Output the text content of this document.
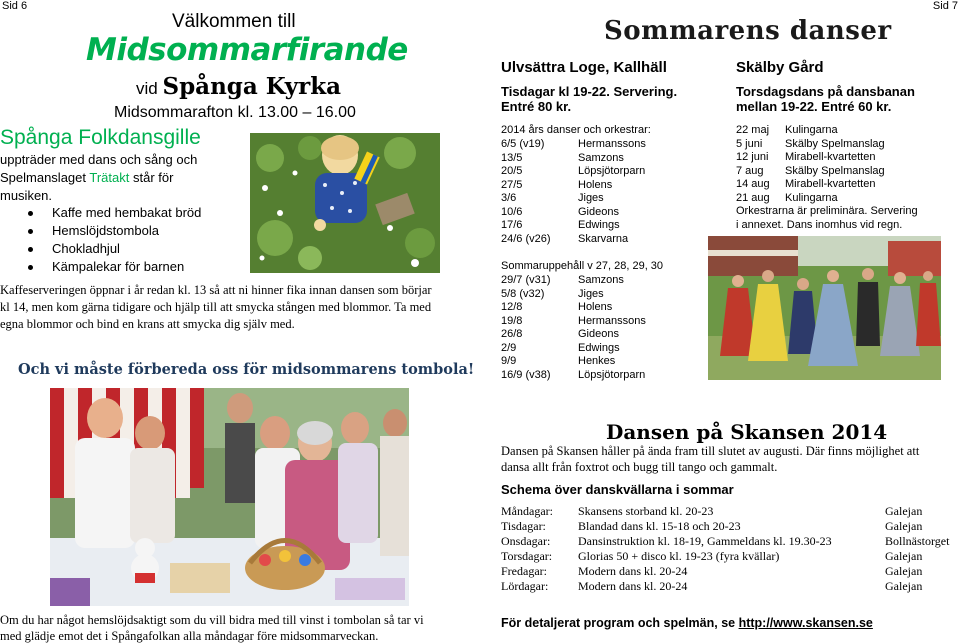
Sid 6
Välkommen till
Midsommarfirande
vid Spånga Kyrka
Midsommarafton kl. 13.00 – 16.00
Spånga Folkdansgille
uppträder med dans och sång och
Spelmanslaget Trätakt står för
musiken.
Kaffe med hembakat bröd
Hemslöjdstombola
Chokladhjul
Kämpalekar för barnen
Kaffeserveringen öppnar i år redan kl. 13 så att ni hinner fika innan dansen som börjar
kl 14, men kom gärna tidigare och hjälp till att smycka stången med blommor. Ta med
egna blommor och bind en krans att smycka dig själv med.
Och vi måste förbereda oss för midsommarens tombola!
Om du har något hemslöjdsaktigt som du vill bidra med till vinst i tombolan så tar vi
med glädje emot det i Spångafolkan alla måndagar före midsommarveckan.
Sid 7
Sommarens danser
Ulvsättra Loge, Kallhäll
Tisdagar kl 19-22. Servering.
Entré 80 kr.
2014 års danser och orkestrar:
6/5 (v19)	Hermanssons
13/5	Samzons
20/5	Löpsjötorparn
27/5	Holens
3/6	Jiges
10/6	Gideons
17/6	Edwings
24/6 (v26) Skarvarna
Sommaruppehåll v 27, 28, 29, 30
29/7 (v31) Samzons
5/8 (v32)	Jiges
12/8	Holens
19/8	Hermanssons
26/8	Gideons
2/9	Edwings
9/9	Henkes
16/9 (v38) Löpsjötorparn
Skälby Gård
Torsdagsdans på dansbanan
mellan 19-22. Entré 60 kr.
22 maj Kulingarna
5 juni Skälby Spelmanslag
12 juni Mirabell-kvartetten
7 aug Skälby Spelmanslag
14 aug Mirabell-kvartetten
21 aug Kulingarna
Orkestrarna är preliminära. Servering
i annexet. Dans inomhus vid regn.
Dansen på Skansen 2014
Dansen på Skansen håller på ända fram till slutet av augusti. Där finns möjlighet att
dansa allt från foxtrot och bugg till tango och gammalt.
Schema över danskvällarna i sommar
Måndagar: Skansens storband kl. 20-23	Galejan
Tisdagar:	Blandad dans kl. 15-18 och 20-23	Galejan
Onsdagar: Dansinstruktion kl. 18-19, Gammeldans kl. 19.30-23	Bollnästorget
Torsdagar: Glorias 50 + disco kl. 19-23 (fyra kvällar)	Galejan
Fredagar:	Modern dans kl. 20-24	Galejan
Lördagar: Modern dans kl. 20-24	Galejan
För detaljerat program och spelmän, se http://www.skansen.se
